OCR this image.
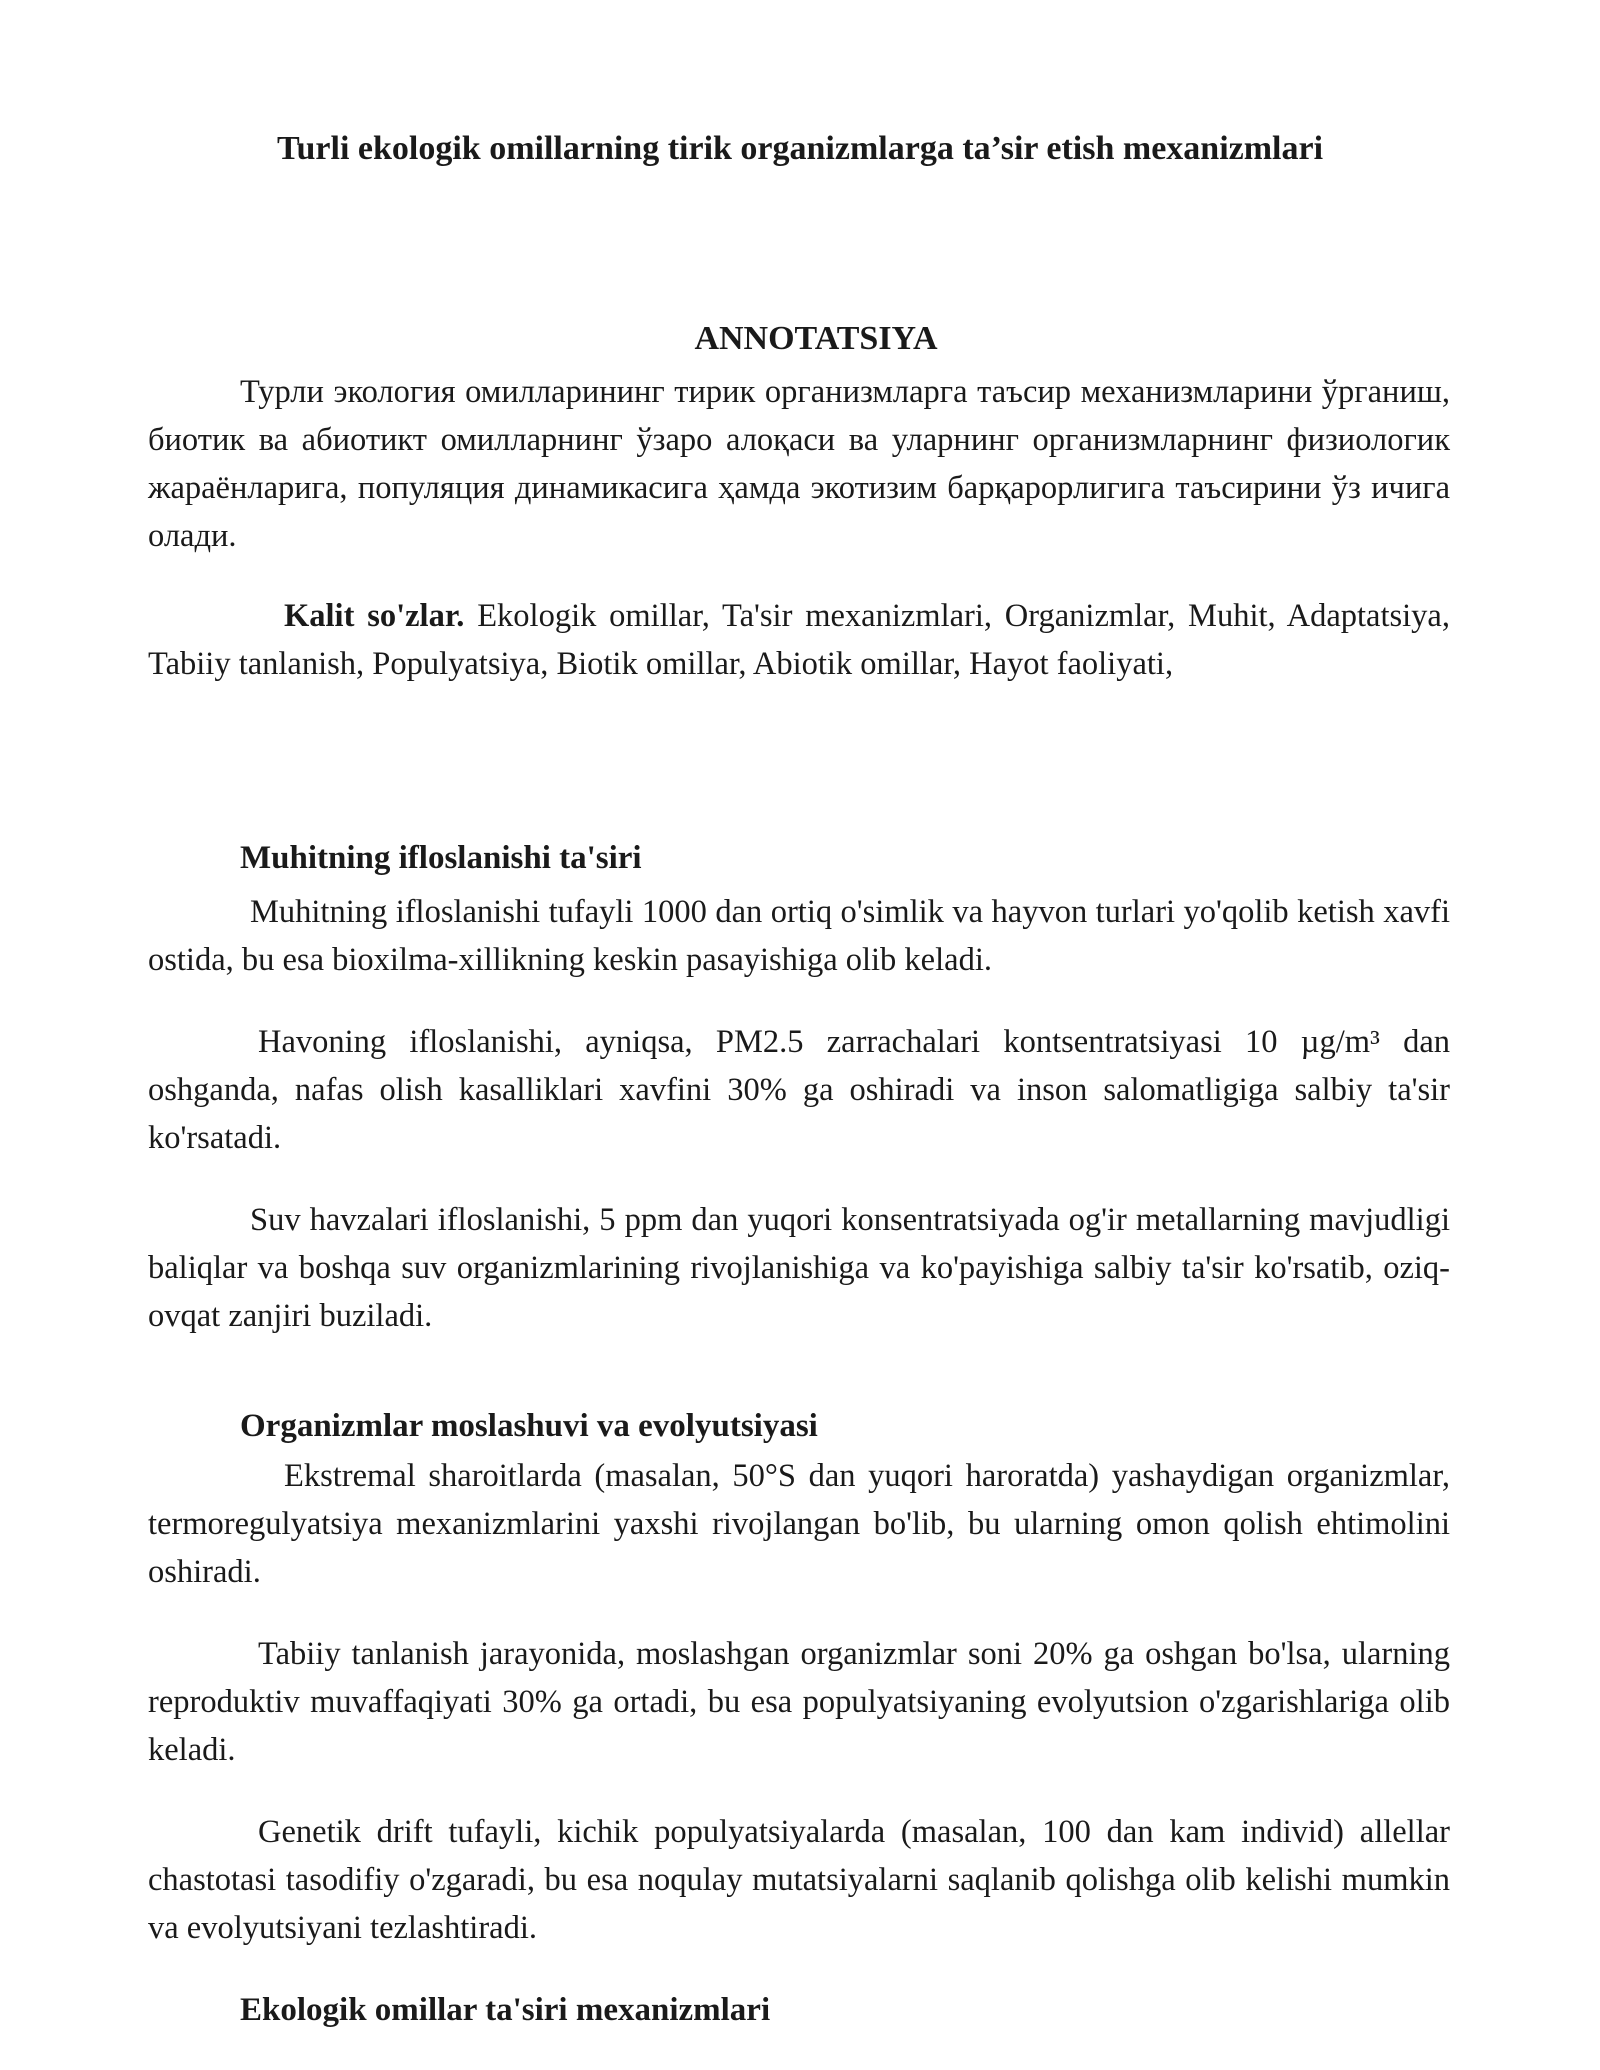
Turli ekologik omillarning tirik organizmlarga ta’sir etish mexanizmlari
ANNOTATSIYA

Турли экология омилларининг тирик организмларга таъсир механизмларини ўрганиш, биотик ва абиотикт омилларнинг ўзаро алоқаси ва уларнинг организмларнинг физиологик жараёнларига, популяция динамикасига ҳамда экотизим барқарорлигига таъсирини ўз ичига олади.

Kalit so'zlar. Ekologik omillar, Ta'sir mexanizmlari, Organizmlar, Muhit, Adaptatsiya, Tabiiy tanlanish, Populyatsiya, Biotik omillar, Abiotik omillar, Hayot faoliyati,

Muhitning ifloslanishi ta'siri

Muhitning ifloslanishi tufayli 1000 dan ortiq o'simlik va hayvon turlari yo'qolib ketish xavfi ostida, bu esa bioxilma-xillikning keskin pasayishiga olib keladi.

Havoning ifloslanishi, ayniqsa, PM2.5 zarrachalari kontsentratsiyasi 10 µg/m³ dan oshganda, nafas olish kasalliklari xavfini 30% ga oshiradi va inson salomatligiga salbiy ta'sir ko'rsatadi.

Suv havzalari ifloslanishi, 5 ppm dan yuqori konsentratsiyada og'ir metallarning mavjudligi baliqlar va boshqa suv organizmlarining rivojlanishiga va ko'payishiga salbiy ta'sir ko'rsatib, oziq-ovqat zanjiri buziladi.

Organizmlar moslashuvi va evolyutsiyasi

Ekstremal sharoitlarda (masalan, 50°S dan yuqori haroratda) yashaydigan organizmlar, termoregulyatsiya mexanizmlarini yaxshi rivojlangan bo'lib, bu ularning omon qolish ehtimolini oshiradi.

Tabiiy tanlanish jarayonida, moslashgan organizmlar soni 20% ga oshgan bo'lsa, ularning reproduktiv muvaffaqiyati 30% ga ortadi, bu esa populyatsiyaning evolyutsion o'zgarishlariga olib keladi.

Genetik drift tufayli, kichik populyatsiyalarda (masalan, 100 dan kam individ) allellar chastotasi tasodifiy o'zgaradi, bu esa noqulay mutatsiyalarni saqlanib qolishga olib kelishi mumkin va evolyutsiyani tezlashtiradi.

Ekologik omillar ta'siri mexanizmlari
